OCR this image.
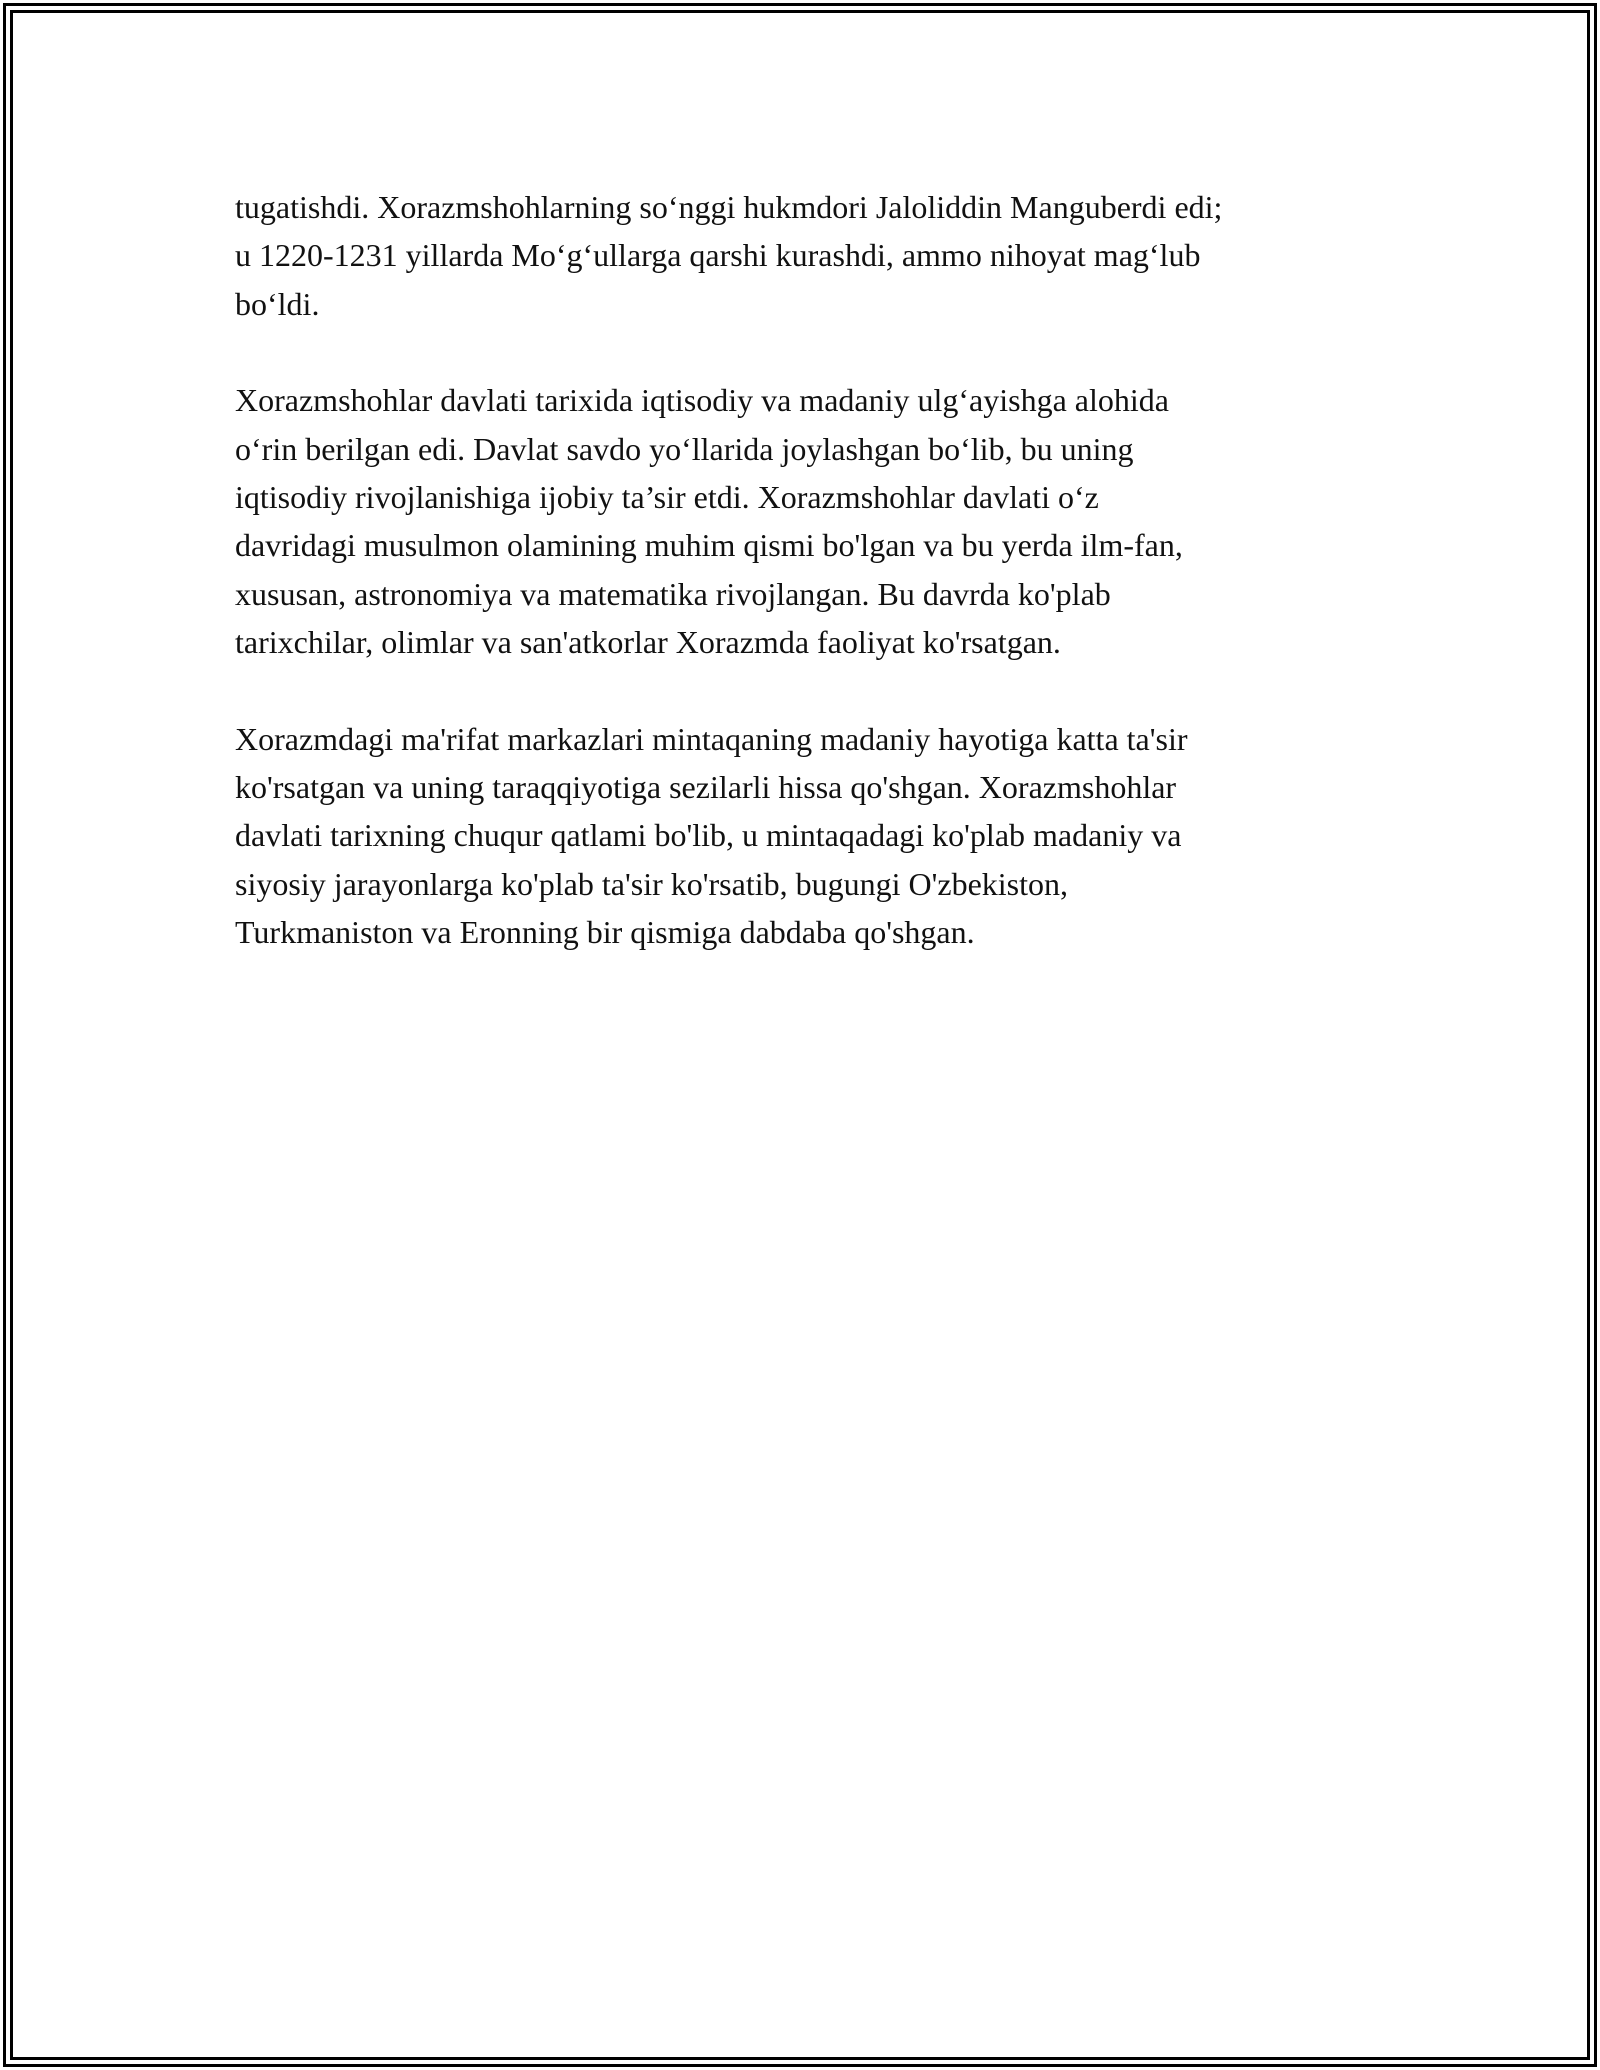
tugatishdi. Xorazmshohlarning so‘nggi hukmdori Jaloliddin Manguberdi edi;
u 1220-1231 yillarda Mo‘g‘ullarga qarshi kurashdi, ammo nihoyat mag‘lub
bo‘ldi.

Xorazmshohlar davlati tarixida iqtisodiy va madaniy ulg‘ayishga alohida
o‘rin berilgan edi. Davlat savdo yo‘llarida joylashgan bo‘lib, bu uning
iqtisodiy rivojlanishiga ijobiy ta’sir etdi. Xorazmshohlar davlati o‘z
davridagi musulmon olamining muhim qismi bo'lgan va bu yerda ilm-fan,
xususan, astronomiya va matematika rivojlangan. Bu davrda ko'plab
tarixchilar, olimlar va san'atkorlar Xorazmda faoliyat ko'rsatgan.

Xorazmdagi ma'rifat markazlari mintaqaning madaniy hayotiga katta ta'sir
ko'rsatgan va uning taraqqiyotiga sezilarli hissa qo'shgan. Xorazmshohlar
davlati tarixning chuqur qatlami bo'lib, u mintaqadagi ko'plab madaniy va
siyosiy jarayonlarga ko'plab ta'sir ko'rsatib, bugungi O'zbekiston,
Turkmaniston va Eronning bir qismiga dabdaba qo'shgan.
